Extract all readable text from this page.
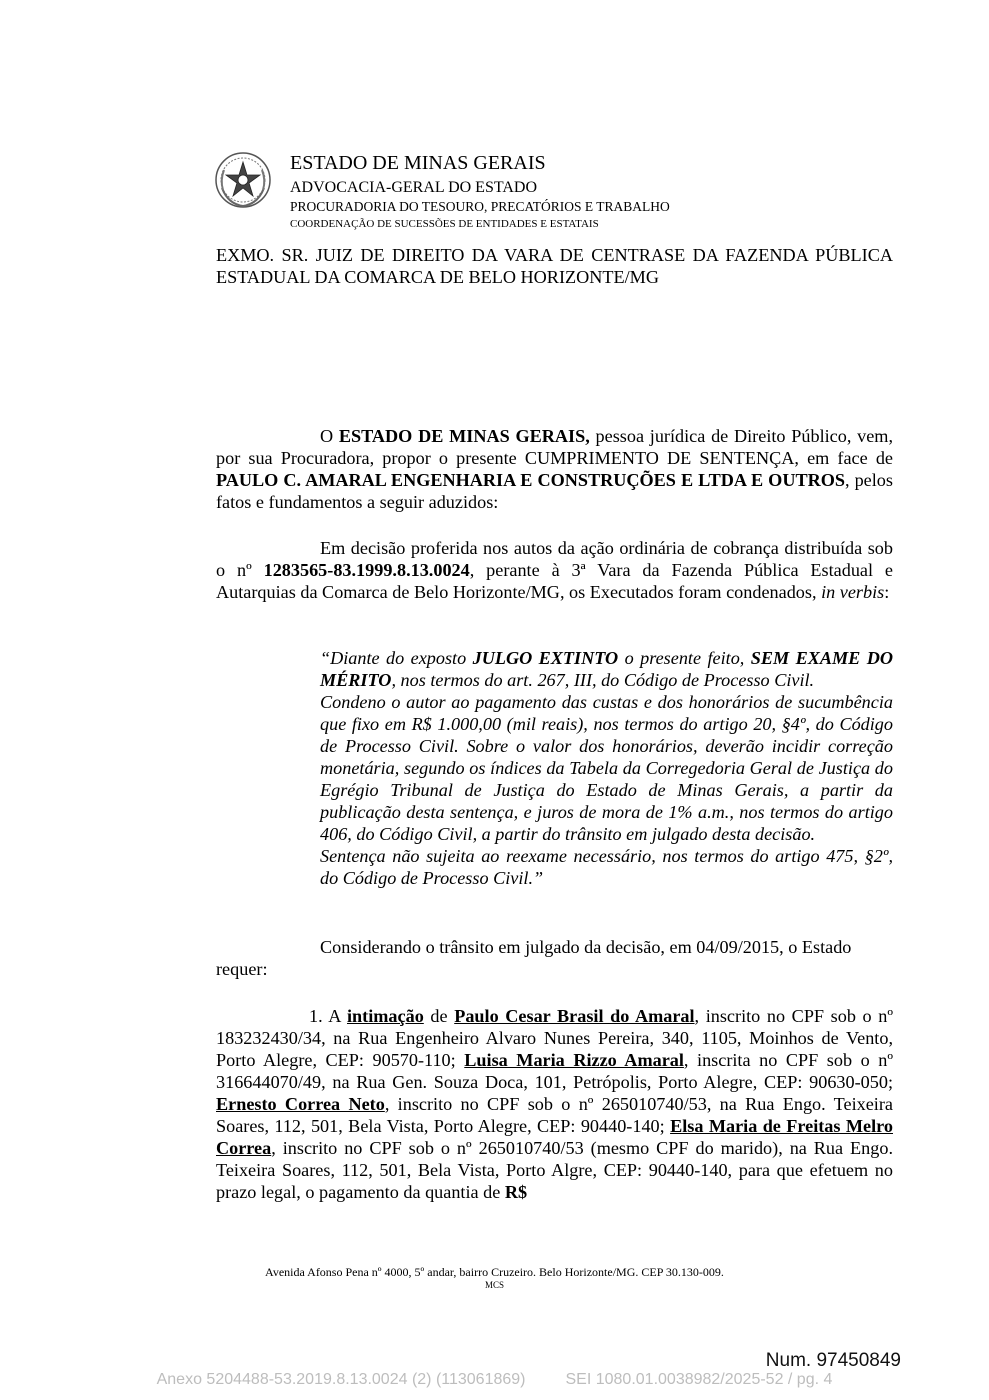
ESTADO DE MINAS GERAIS
ADVOCACIA-GERAL DO ESTADO
PROCURADORIA DO TESOURO, PRECATÓRIOS E TRABALHO
COORDENAÇÃO DE SUCESSÕES DE ENTIDADES E ESTATAIS
EXMO. SR. JUIZ DE DIREITO DA VARA DE CENTRASE DA FAZENDA PÚBLICA ESTADUAL DA COMARCA DE BELO HORIZONTE/MG
O ESTADO DE MINAS GERAIS, pessoa jurídica de Direito Público, vem, por sua Procuradora, propor o presente CUMPRIMENTO DE SENTENÇA, em face de PAULO C. AMARAL ENGENHARIA E CONSTRUÇÕES E LTDA E OUTROS, pelos fatos e fundamentos a seguir aduzidos:
Em decisão proferida nos autos da ação ordinária de cobrança distribuída sob o nº 1283565-83.1999.8.13.0024, perante à 3ª Vara da Fazenda Pública Estadual e Autarquias da Comarca de Belo Horizonte/MG, os Executados foram condenados, in verbis:
“Diante do exposto JULGO EXTINTO o presente feito, SEM EXAME DO MÉRITO, nos termos do art. 267, III, do Código de Processo Civil.
Condeno o autor ao pagamento das custas e dos honorários de sucumbência que fixo em R$ 1.000,00 (mil reais), nos termos do artigo 20, §4º, do Código de Processo Civil. Sobre o valor dos honorários, deverão incidir correção monetária, segundo os índices da Tabela da Corregedoria Geral de Justiça do Egrégio Tribunal de Justiça do Estado de Minas Gerais, a partir da publicação desta sentença, e juros de mora de 1% a.m., nos termos do artigo 406, do Código Civil, a partir do trânsito em julgado desta decisão.
Sentença não sujeita ao reexame necessário, nos termos do artigo 475, §2º, do Código de Processo Civil.”
Considerando o trânsito em julgado da decisão, em 04/09/2015, o Estado
requer:
1. A intimação de Paulo Cesar Brasil do Amaral, inscrito no CPF sob o nº 183232430/34, na Rua Engenheiro Alvaro Nunes Pereira, 340, 1105, Moinhos de Vento, Porto Alegre, CEP: 90570-110; Luisa Maria Rizzo Amaral, inscrita no CPF sob o nº 316644070/49, na Rua Gen. Souza Doca, 101, Petrópolis, Porto Alegre, CEP: 90630-050; Ernesto Correa Neto, inscrito no CPF sob o nº 265010740/53, na Rua Engo. Teixeira Soares, 112, 501, Bela Vista, Porto Alegre, CEP: 90440-140; Elsa Maria de Freitas Melro Correa, inscrito no CPF sob o nº 265010740/53 (mesmo CPF do marido), na Rua Engo. Teixeira Soares, 112, 501, Bela Vista, Porto Algre, CEP: 90440-140, para que efetuem no prazo legal, o pagamento da quantia de R$
Avenida Afonso Pena nº 4000, 5º andar, bairro Cruzeiro. Belo Horizonte/MG. CEP 30.130-009.
MCS
Num. 97450849
Anexo 5204488-53.2019.8.13.0024 (2) (113061869)	SEI 1080.01.0038982/2025-52 / pg. 4
